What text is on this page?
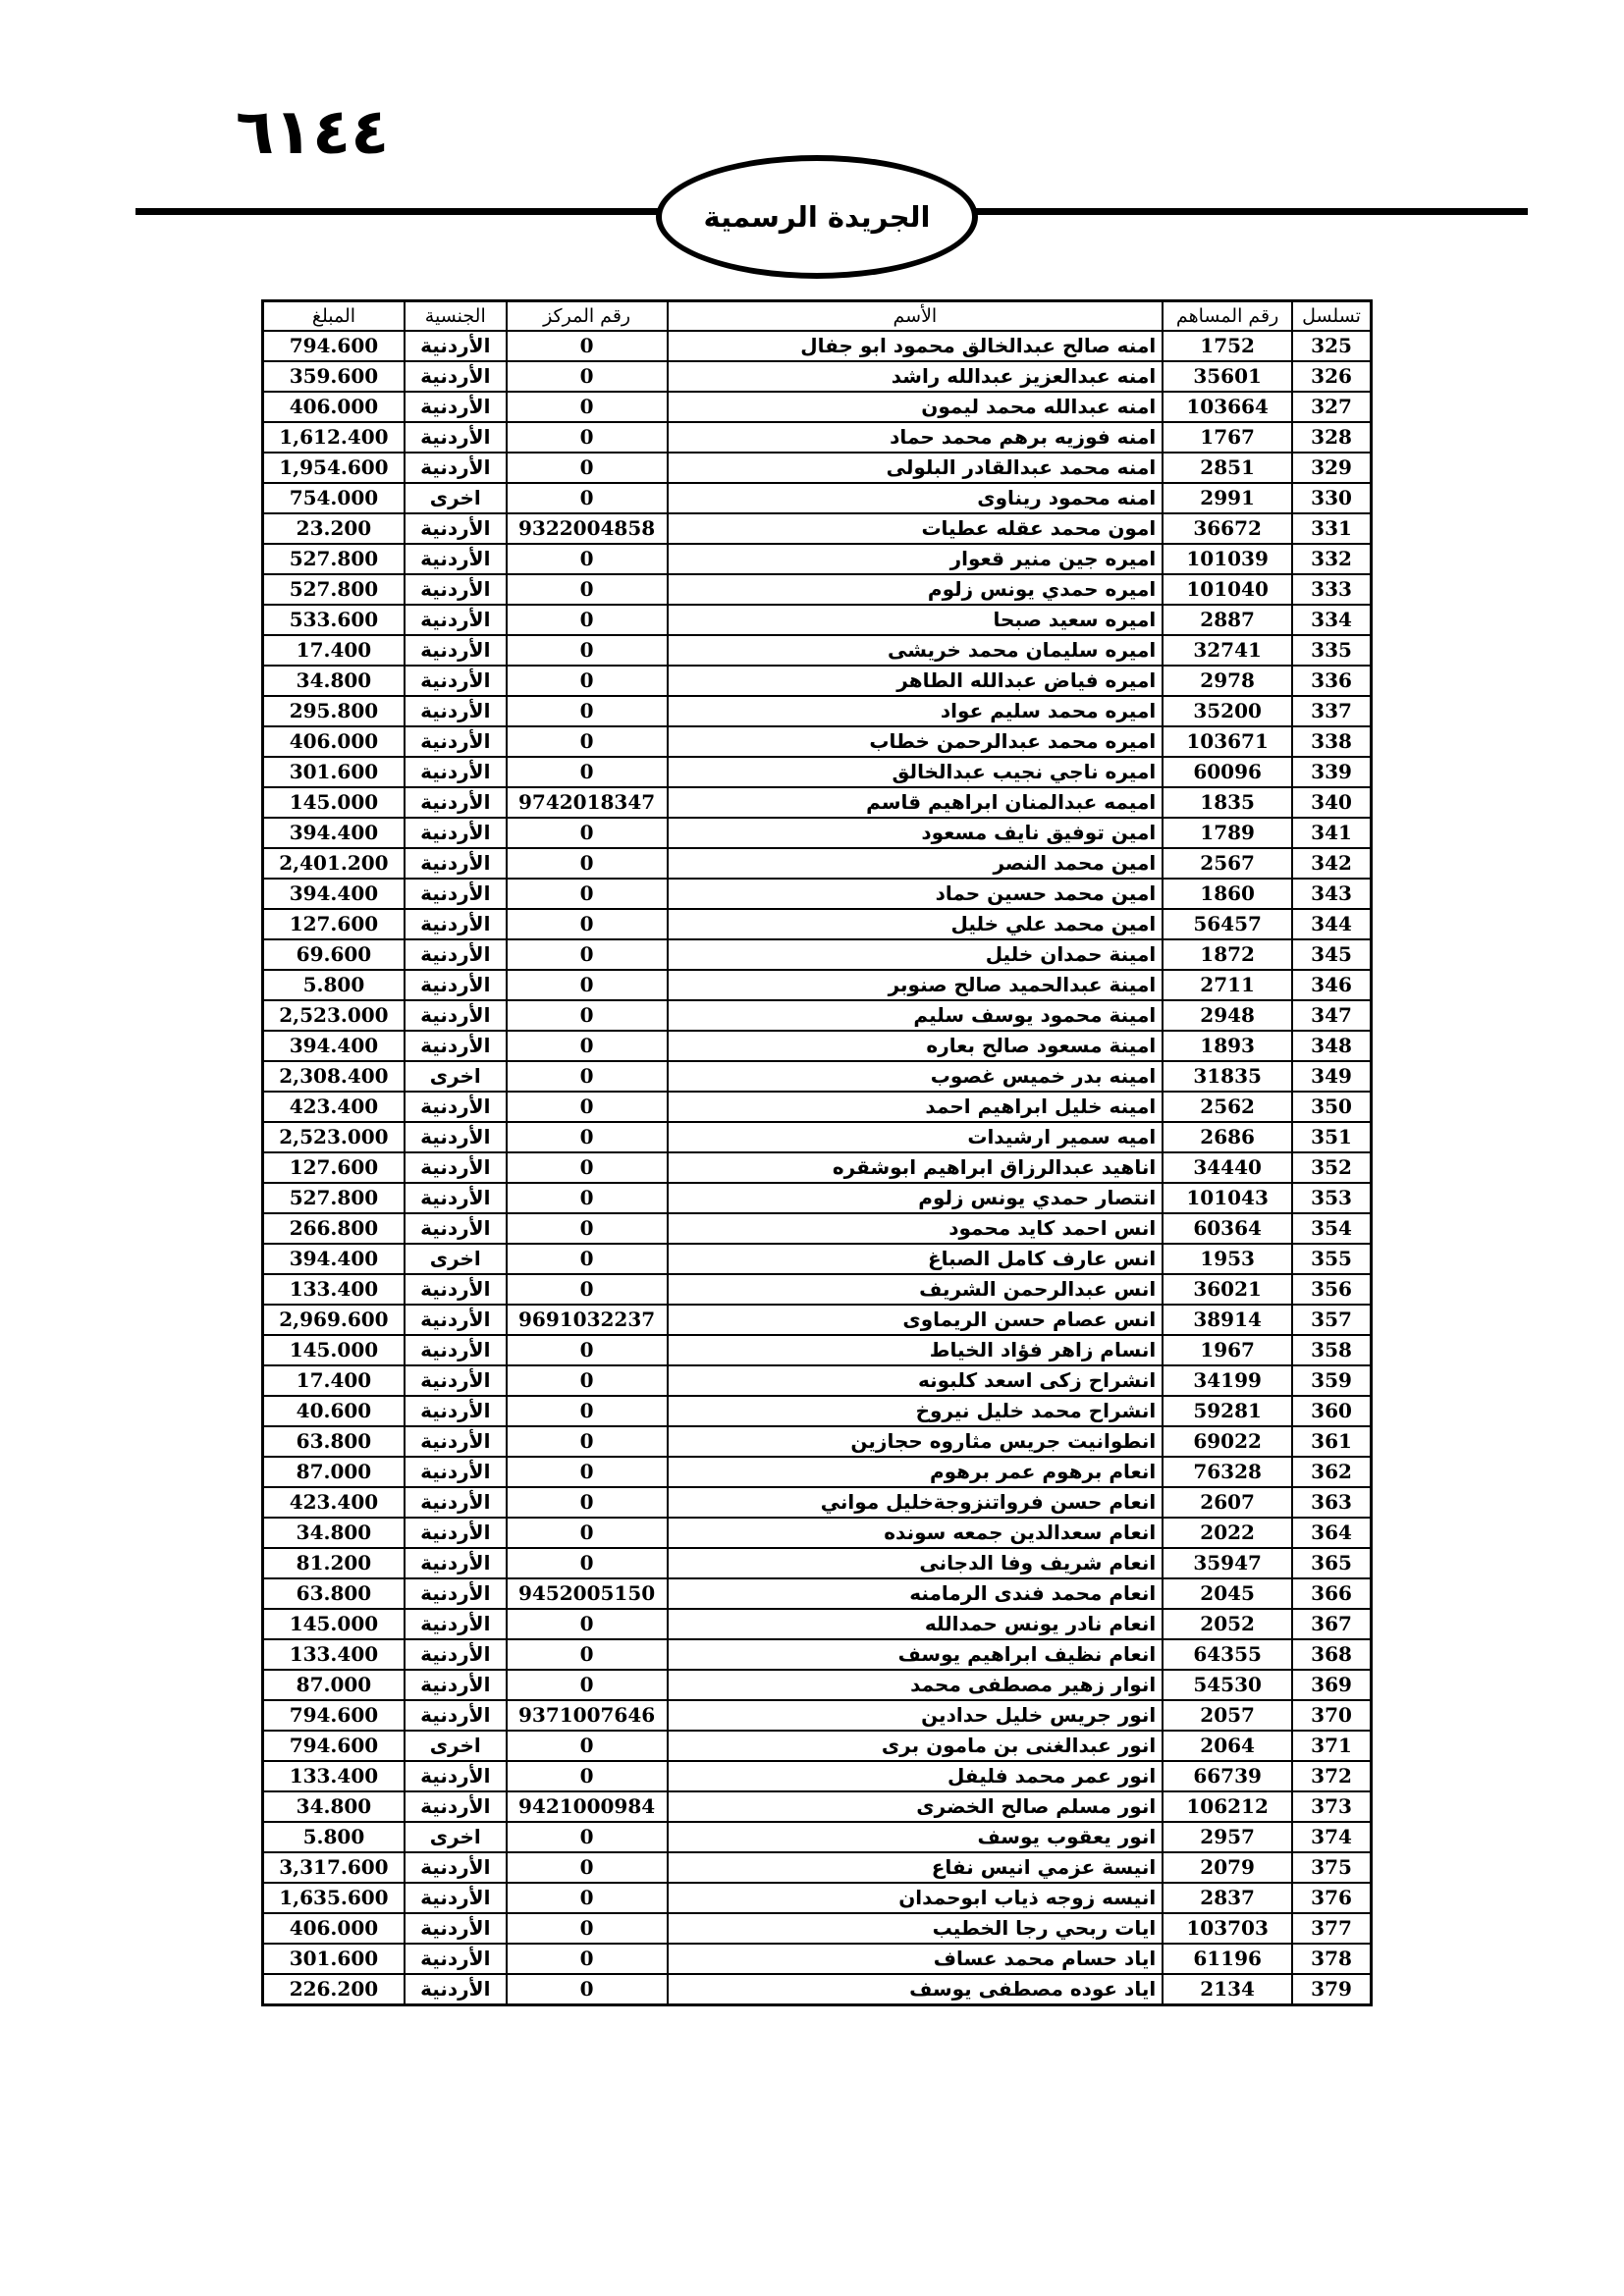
٦١٤٤
الجريدة الرسمية
تسلسل	رقم المساهم	الأسم	رقم المركز	الجنسية	المبلغ
325	1752	امنه صالح عبدالخالق محمود ابو جفال	0	الأردنية	794.600
326	35601	امنه عبدالعزيز عبدالله راشد	0	الأردنية	359.600
327	103664	امنه عبدالله محمد ليمون	0	الأردنية	406.000
328	1767	امنه فوزيه برهم محمد حماد	0	الأردنية	1,612.400
329	2851	امنه محمد عبدالقادر البلولى	0	الأردنية	1,954.600
330	2991	امنه محمود ريناوى	0	اخرى	754.000
331	36672	امون محمد عقله عطيات	9322004858	الأردنية	23.200
332	101039	اميره جين منير قعوار	0	الأردنية	527.800
333	101040	اميره حمدي يونس زلوم	0	الأردنية	527.800
334	2887	اميره سعيد صبحا	0	الأردنية	533.600
335	32741	اميره سليمان محمد خريشى	0	الأردنية	17.400
336	2978	اميره فياض عبدالله الطاهر	0	الأردنية	34.800
337	35200	اميره محمد سليم عواد	0	الأردنية	295.800
338	103671	اميره محمد عبدالرحمن خطاب	0	الأردنية	406.000
339	60096	اميره ناجي نجيب عبدالخالق	0	الأردنية	301.600
340	1835	اميمه عبدالمنان ابراهيم قاسم	9742018347	الأردنية	145.000
341	1789	امين توفيق نايف مسعود	0	الأردنية	394.400
342	2567	امين محمد النصر	0	الأردنية	2,401.200
343	1860	امين محمد حسين حماد	0	الأردنية	394.400
344	56457	امين محمد علي خليل	0	الأردنية	127.600
345	1872	امينة حمدان خليل	0	الأردنية	69.600
346	2711	امينة عبدالحميد صالح صنوبر	0	الأردنية	5.800
347	2948	امينة محمود يوسف سليم	0	الأردنية	2,523.000
348	1893	امينة مسعود صالح بعاره	0	الأردنية	394.400
349	31835	امينه بدر خميس غصوب	0	اخرى	2,308.400
350	2562	امينه خليل ابراهيم احمد	0	الأردنية	423.400
351	2686	اميه سمير ارشيدات	0	الأردنية	2,523.000
352	34440	اناهيد عبدالرزاق ابراهيم ابوشقره	0	الأردنية	127.600
353	101043	انتصار حمدي يونس زلوم	0	الأردنية	527.800
354	60364	انس احمد كايد محمود	0	الأردنية	266.800
355	1953	انس عارف كامل الصباغ	0	اخرى	394.400
356	36021	انس عبدالرحمن الشريف	0	الأردنية	133.400
357	38914	انس عصام حسن الريماوى	9691032237	الأردنية	2,969.600
358	1967	انسام زاهر فؤاد الخياط	0	الأردنية	145.000
359	34199	انشراح زكى اسعد كلبونه	0	الأردنية	17.400
360	59281	انشراح محمد خليل نيروخ	0	الأردنية	40.600
361	69022	انطوانيت جريس مثاروه حجازين	0	الأردنية	63.800
362	76328	انعام برهوم عمر برهوم	0	الأردنية	87.000
363	2607	انعام حسن فرواتنزوجةخليل مواني	0	الأردنية	423.400
364	2022	انعام سعدالدين جمعه سونده	0	الأردنية	34.800
365	35947	انعام شريف وفا الدجانى	0	الأردنية	81.200
366	2045	انعام محمد فندى الرمامنه	9452005150	الأردنية	63.800
367	2052	انعام نادر يونس حمدالله	0	الأردنية	145.000
368	64355	انعام نظيف ابراهيم يوسف	0	الأردنية	133.400
369	54530	انوار زهير مصطفى محمد	0	الأردنية	87.000
370	2057	انور جريس خليل حدادين	9371007646	الأردنية	794.600
371	2064	انور عبدالغنى بن مامون برى	0	اخرى	794.600
372	66739	انور عمر محمد فليفل	0	الأردنية	133.400
373	106212	انور مسلم صالح الخضرى	9421000984	الأردنية	34.800
374	2957	انور يعقوب يوسف	0	اخرى	5.800
375	2079	انيسة عزمي انيس نفاع	0	الأردنية	3,317.600
376	2837	انيسه زوجه ذياب ابوحمدان	0	الأردنية	1,635.600
377	103703	ايات ربحي رجا الخطيب	0	الأردنية	406.000
378	61196	اياد حسام محمد عساف	0	الأردنية	301.600
379	2134	اياد عوده مصطفى يوسف	0	الأردنية	226.200
